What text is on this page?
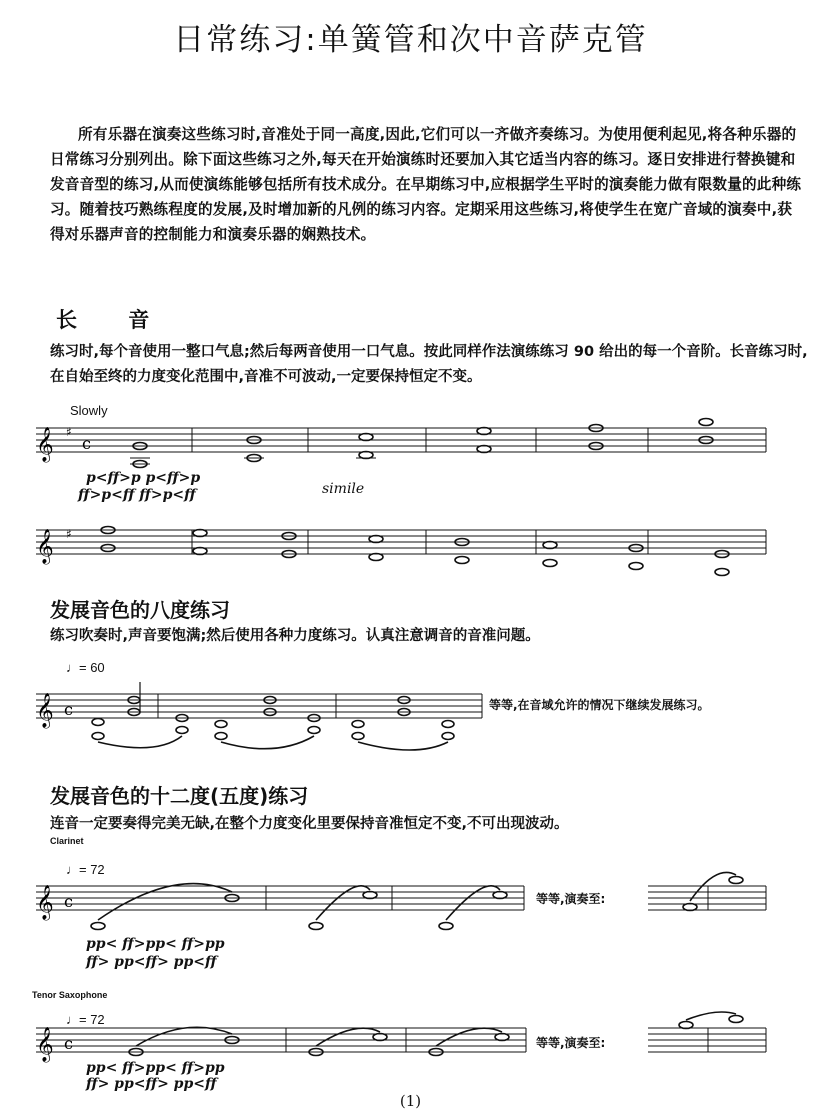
日常练习:单簧管和次中音萨克管
所有乐器在演奏这些练习时,音准处于同一高度,因此,它们可以一齐做齐奏练习。为使用便利起见,将各种乐器的日常练习分别列出。除下面这些练习之外,每天在开始演练时还要加入其它适当内容的练习。逐日安排进行替换键和发音音型的练习,从而使演练能够包括所有技术成分。在早期练习中,应根据学生平时的演奏能力做有限数量的此种练习。随着技巧熟练程度的发展,及时增加新的凡例的练习内容。定期采用这些练习,将使学生在宽广音域的演奏中,获得对乐器声音的控制能力和演奏乐器的娴熟技术。
长 音
练习时,每个音使用一整口气息;然后每两音使用一口气息。按此同样作法演练练习 90 给出的每一个音阶。长音练习时,在自始至终的力度变化范围中,音准不可波动,一定要保持恒定不变。
Slowly
𝄞 ♯
c
p<ff>p p<ff>p
ff>p<ff ff>p<ff	simile
𝄞 ♯
发展音色的八度练习
练习吹奏时,声音要饱满;然后使用各种力度练习。认真注意调音的音准问题。
♩= 60
𝄞 c	等等,在音域允许的情况下继续发展练习。
发展音色的十二度(五度)练习
连音一定要奏得完美无缺,在整个力度变化里要保持音准恒定不变,不可出现波动。
Clarinet
♩= 72
𝄞 c	等等,演奏至:
pp< ff>pp< ff>pp
ff> pp<ff> pp<ff
Tenor Saxophone
♩= 72
𝄞 c	等等,演奏至:
pp< ff>pp< ff>pp
ff> pp<ff> pp<ff
(1)
